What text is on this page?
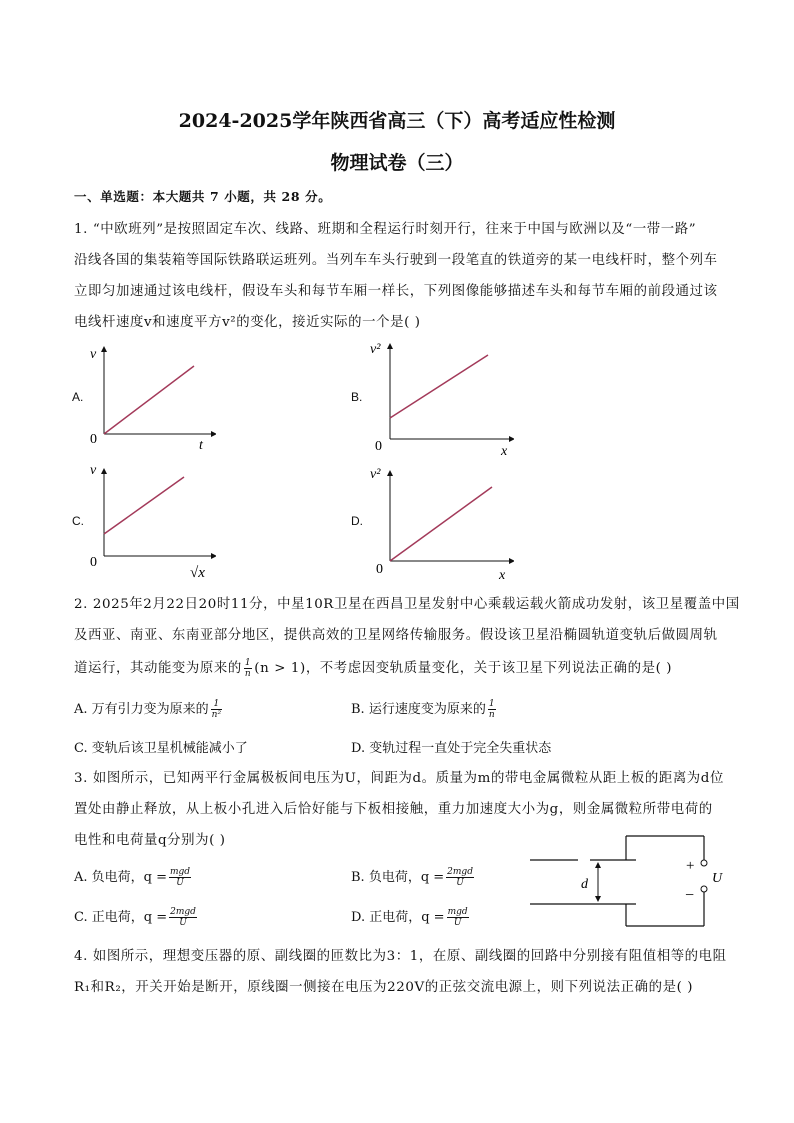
2024-2025学年陕西省高三（下）高考适应性检测
物理试卷（三）
一、单选题：本大题共 7 小题，共 28 分。
1. “中欧班列”是按照固定车次、线路、班期和全程运行时刻开行，往来于中国与欧洲以及“一带一路”
沿线各国的集装箱等国际铁路联运班列。当列车车头行驶到一段笔直的铁道旁的某一电线杆时，整个列车
立即匀加速通过该电线杆，假设车头和每节车厢一样长，下列图像能够描述车头和每节车厢的前段通过该
电线杆速度v和速度平方v²的变化，接近实际的一个是( )
A.
v
t
0
B.
v²
x
0
C.
v
√x
0
D.
v²
x
0
2. 2025年2月22日20时11分，中星10R卫星在西昌卫星发射中心乘载运载火箭成功发射，该卫星覆盖中国
及西亚、南亚、东南亚部分地区，提供高效的卫星网络传输服务。假设该卫星沿椭圆轨道变轨后做圆周轨
道运行，其动能变为原来的 $\frac{1}{n} (n > 1)$，不考虑因变轨质量变化，关于该卫星下列说法正确的是( )
A. 万有引力变为原来的 $\frac{1}{\text{n²}}$	B. 运行速度变为原来的 $\frac{1}{n}$
C. 变轨后该卫星机械能减小了	D. 变轨过程一直处于完全失重状态
3. 如图所示，已知两平行金属极板间电压为U，间距为d。质量为m的带电金属微粒从距上板的距离为d位
置处由静止释放，从上板小孔进入后恰好能与下板相接触，重力加速度大小为g，则金属微粒所带电荷的
电性和电荷量q分别为( )
A. 负电荷，$q = \frac{\text{mgd}}{U}$	B. 负电荷，$q = \frac{\text{2mgd}}{U}$
C. 正电荷，$q = \frac{\text{2mgd}}{U}$	D. 正电荷，$q = \frac{\text{mgd}}{U}$
d
+
−
U
4. 如图所示，理想变压器的原、副线圈的匝数比为3：1，在原、副线圈的回路中分别接有阻值相等的电阻
R₁和R₂，开关开始是断开，原线圈一侧接在电压为220V的正弦交流电源上，则下列说法正确的是( )
